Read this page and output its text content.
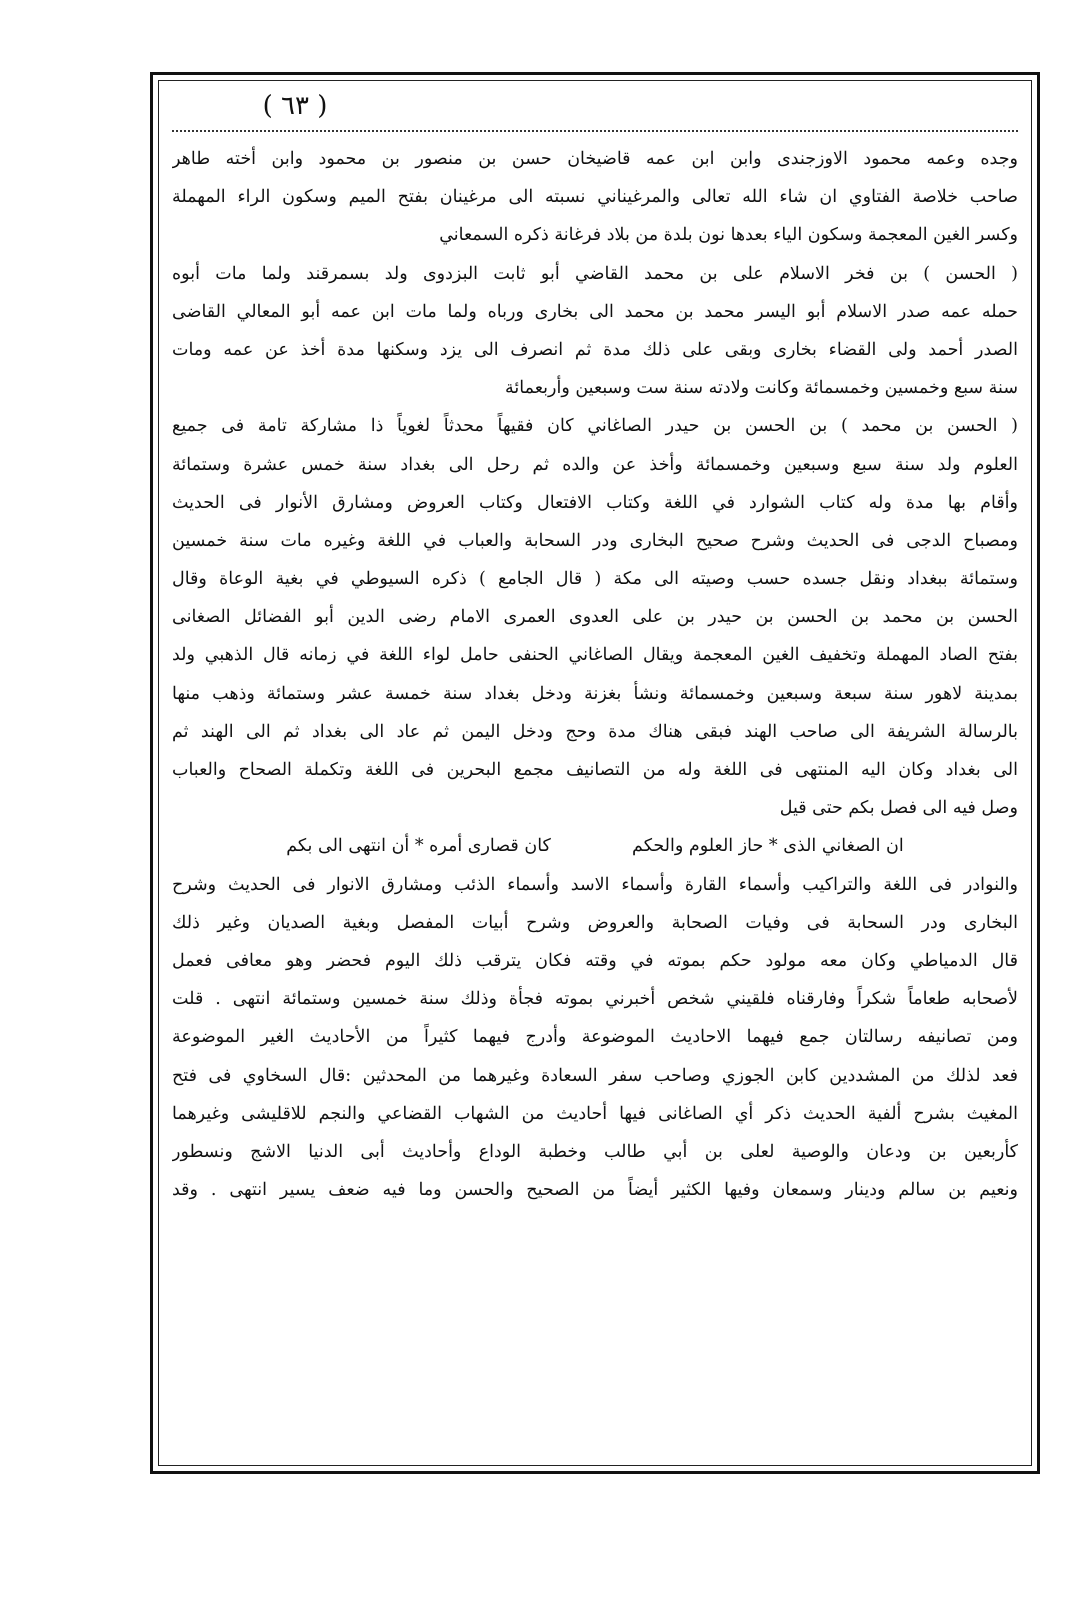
( ٦٣ )
وجده وعمه محمود الاوزجندى وابن ابن عمه قاضيخان حسن بن منصور بن محمود وابن أخته طاهر
صاحب خلاصة الفتاوي ان شاء الله تعالى والمرغيناني نسبته الى مرغينان بفتح الميم وسكون الراء المهملة
وكسر الغين المعجمة وسكون الياء بعدها نون بلدة من بلاد فرغانة ذكره السمعاني
( الحسن ) بن فخر الاسلام على بن محمد القاضي أبو ثابت البزدوى ولد بسمرقند ولما مات أبوه
حمله عمه صدر الاسلام أبو اليسر محمد بن محمد الى بخارى ورباه ولما مات ابن عمه أبو المعالي القاضى
الصدر أحمد ولى القضاء بخارى وبقى على ذلك مدة ثم انصرف الى يزد وسكنها مدة أخذ عن عمه ومات
سنة سبع وخمسين وخمسمائة وكانت ولادته سنة ست وسبعين وأربعمائة
( الحسن بن محمد ) بن الحسن بن حيدر الصاغاني كان فقيهاً محدثاً لغوياً ذا مشاركة تامة فى جميع
العلوم ولد سنة سبع وسبعين وخمسمائة وأخذ عن والده ثم رحل الى بغداد سنة خمس عشرة وستمائة
وأقام بها مدة وله كتاب الشوارد في اللغة وكتاب الافتعال وكتاب العروض ومشارق الأنوار فى الحديث
ومصباح الدجى فى الحديث وشرح صحيح البخارى ودر السحابة والعباب في اللغة وغيره مات سنة خمسين
وستمائة ببغداد ونقل جسده حسب وصيته الى مكة ( قال الجامع ) ذكره السيوطي في بغية الوعاة وقال
الحسن بن محمد بن الحسن بن حيدر بن على العدوى العمرى الامام رضى الدين أبو الفضائل الصغانى
بفتح الصاد المهملة وتخفيف الغين المعجمة ويقال الصاغاني الحنفى حامل لواء اللغة في زمانه قال الذهبي ولد
بمدينة لاهور سنة سبعة وسبعين وخمسمائة ونشأ بغزنة ودخل بغداد سنة خمسة عشر وستمائة وذهب منها
بالرسالة الشريفة الى صاحب الهند فبقى هناك مدة وحج ودخل اليمن ثم عاد الى بغداد ثم الى الهند ثم
الى بغداد وكان اليه المنتهى فى اللغة وله من التصانيف مجمع البحرين فى اللغة وتكملة الصحاح والعباب
وصل فيه الى فصل بكم حتى قيل
ان الصغاني الذى * حاز العلوم والحكم  كان قصارى أمره * أن انتهى الى بكم
والنوادر فى اللغة والتراكيب وأسماء القارة وأسماء الاسد وأسماء الذئب ومشارق الانوار فى الحديث وشرح
البخارى ودر السحابة فى وفيات الصحابة والعروض وشرح أبيات المفصل وبغية الصديان وغير ذلك
قال الدمياطي وكان معه مولود حكم بموته في وقته فكان يترقب ذلك اليوم فحضر وهو معافى فعمل
لأصحابه طعاماً شكراً وفارقناه فلقيني شخص أخبرني بموته فجأة وذلك سنة خمسين وستمائة انتهى . قلت
ومن تصانيفه رسالتان جمع فيهما الاحاديث الموضوعة وأدرج فيهما كثيراً من الأحاديث الغير الموضوعة
فعد لذلك من المشددين كابن الجوزي وصاحب سفر السعادة وغيرهما من المحدثين :قال السخاوي فى فتح
المغيث بشرح ألفية الحديث ذكر أي الصاغانى فيها أحاديث من الشهاب القضاعي والنجم للاقليشى وغيرهما
كأربعين بن ودعان والوصية لعلى بن أبي طالب وخطبة الوداع وأحاديث أبى الدنيا الاشج ونسطور
ونعيم بن سالم ودينار وسمعان وفيها الكثير أيضاً من الصحيح والحسن وما فيه ضعف يسير انتهى . وقد
